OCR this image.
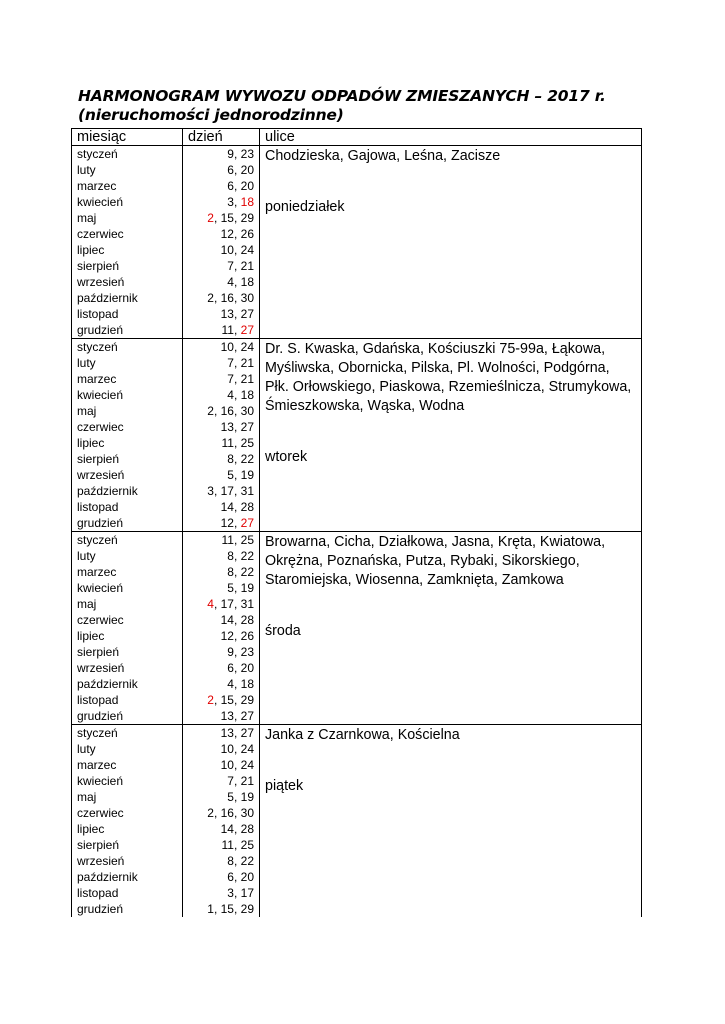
HARMONOGRAM WYWOZU ODPADÓW ZMIESZANYCH – 2017 r.
(nieruchomości jednorodzinne)
miesiąc	dzień	ulice
styczeń	9, 23	Chodzieska, Gajowa, Leśna, Zacisze
poniedziałek

luty	6, 20	
marzec	6, 20	
kwiecień	3, 18	
maj	2, 15, 29	
czerwiec	12, 26	
lipiec	10, 24	
sierpień	7, 21	
wrzesień	4, 18	
październik	2, 16, 30	
listopad	13, 27	
grudzień	11, 27	
styczeń	10, 24	Dr. S. Kwaska, Gdańska, Kościuszki 75-99a, Łąkowa, Myśliwska, Obornicka, Pilska, Pl. Wolności, Podgórna, Płk. Orłowskiego, Piaskowa, Rzemieślnicza, Strumykowa, Śmieszkowska, Wąska, Wodna
wtorek

luty	7, 21	
marzec	7, 21	
kwiecień	4, 18	
maj	2, 16, 30	
czerwiec	13, 27	
lipiec	11, 25	
sierpień	8, 22	
wrzesień	5, 19	
październik	3, 17, 31	
listopad	14, 28	
grudzień	12, 27	
styczeń	11, 25	Browarna, Cicha, Działkowa, Jasna, Kręta, Kwiatowa, Okrężna, Poznańska, Putza, Rybaki, Sikorskiego, Staromiejska, Wiosenna, Zamknięta, Zamkowa
środa

luty	8, 22	
marzec	8, 22	
kwiecień	5, 19	
maj	4, 17, 31	
czerwiec	14, 28	
lipiec	12, 26	
sierpień	9, 23	
wrzesień	6, 20	
październik	4, 18	
listopad	2, 15, 29	
grudzień	13, 27	
styczeń	13, 27	Janka z Czarnkowa, Kościelna
piątek

luty	10, 24	
marzec	10, 24	
kwiecień	7, 21	
maj	5, 19	
czerwiec	2, 16, 30	
lipiec	14, 28	
sierpień	11, 25	
wrzesień	8, 22	
październik	6, 20	
listopad	3, 17	
grudzień	1, 15, 29	
